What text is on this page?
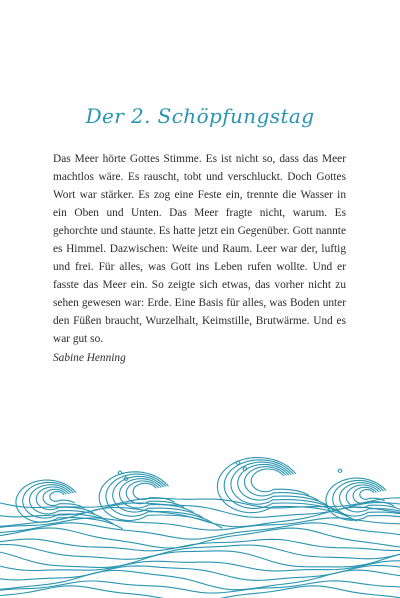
Der 2. Schöpfungstag

Das Meer hörte Gottes Stimme. Es ist nicht so, dass das Meer machtlos wäre. Es rauscht, tobt und verschluckt. Doch Gottes Wort war stärker. Es zog eine Feste ein, trennte die Wasser in ein Oben und Unten. Das Meer fragte nicht, warum. Es gehorchte und staunte. Es hatte jetzt ein Gegenüber. Gott nannte es Himmel. Dazwischen: Weite und Raum. Leer war der, luftig und frei. Für alles, was Gott ins Leben rufen wollte. Und er fasste das Meer ein. So zeigte sich etwas, das vorher nicht zu sehen gewesen war: Erde. Eine Basis für alles, was Boden unter den Füßen braucht, Wurzelhalt, Keimstille, Brutwärme. Und es war gut so.

Sabine Henning
